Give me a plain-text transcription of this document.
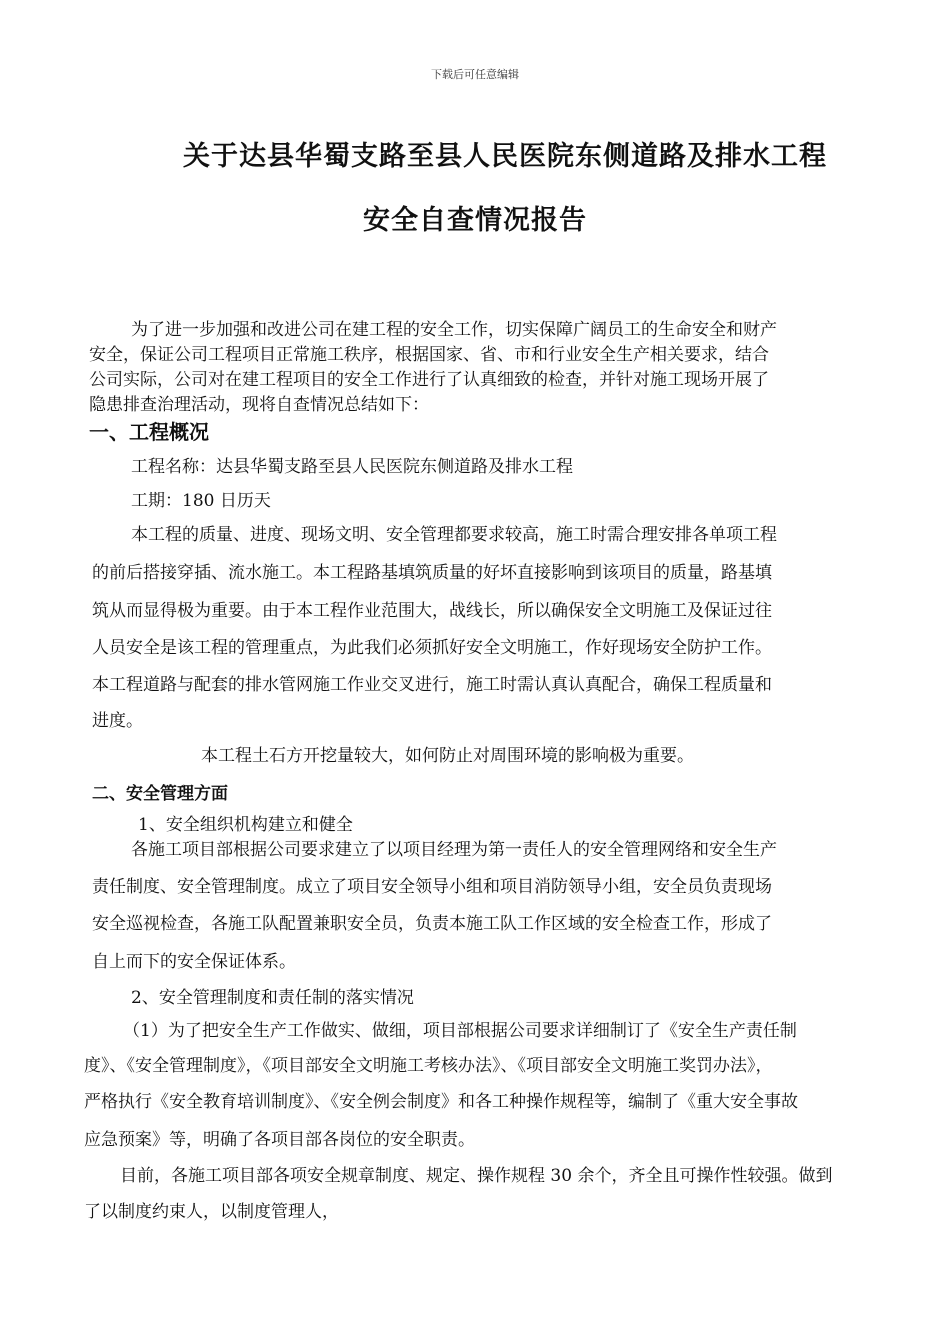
下载后可任意编辑
关于达县华蜀支路至县人民医院东侧道路及排水工程
安全自查情况报告
为了进一步加强和改进公司在建工程的安全工作，切实保障广阔员工的生命安全和财产
安全，保证公司工程项目正常施工秩序，根据国家、省、市和行业安全生产相关要求，结合
公司实际，公司对在建工程项目的安全工作进行了认真细致的检查，并针对施工现场开展了
隐患排查治理活动，现将自查情况总结如下：
一、工程概况
工程名称：达县华蜀支路至县人民医院东侧道路及排水工程
工期：180 日历天
本工程的质量、进度、现场文明、安全管理都要求较高，施工时需合理安排各单项工程
的前后搭接穿插、流水施工。本工程路基填筑质量的好坏直接影响到该项目的质量，路基填
筑从而显得极为重要。由于本工程作业范围大，战线长，所以确保安全文明施工及保证过往
人员安全是该工程的管理重点，为此我们必须抓好安全文明施工，作好现场安全防护工作。
本工程道路与配套的排水管网施工作业交叉进行，施工时需认真认真配合，确保工程质量和
进度。
本工程土石方开挖量较大，如何防止对周围环境的影响极为重要。
二、安全管理方面
1、安全组织机构建立和健全
各施工项目部根据公司要求建立了以项目经理为第一责任人的安全管理网络和安全生产
责任制度、安全管理制度。成立了项目安全领导小组和项目消防领导小组，安全员负责现场
安全巡视检查，各施工队配置兼职安全员，负责本施工队工作区域的安全检查工作，形成了
自上而下的安全保证体系。
2、安全管理制度和责任制的落实情况
（1）为了把安全生产工作做实、做细，项目部根据公司要求详细制订了《安全生产责任制
度》、《安全管理制度》，《项目部安全文明施工考核办法》、《项目部安全文明施工奖罚办法》，
严格执行《安全教育培训制度》、《安全例会制度》和各工种操作规程等，编制了《重大安全事故
应急预案》等，明确了各项目部各岗位的安全职责。
目前，各施工项目部各项安全规章制度、规定、操作规程 30 余个，齐全且可操作性较强。做到
了以制度约束人，以制度管理人，
